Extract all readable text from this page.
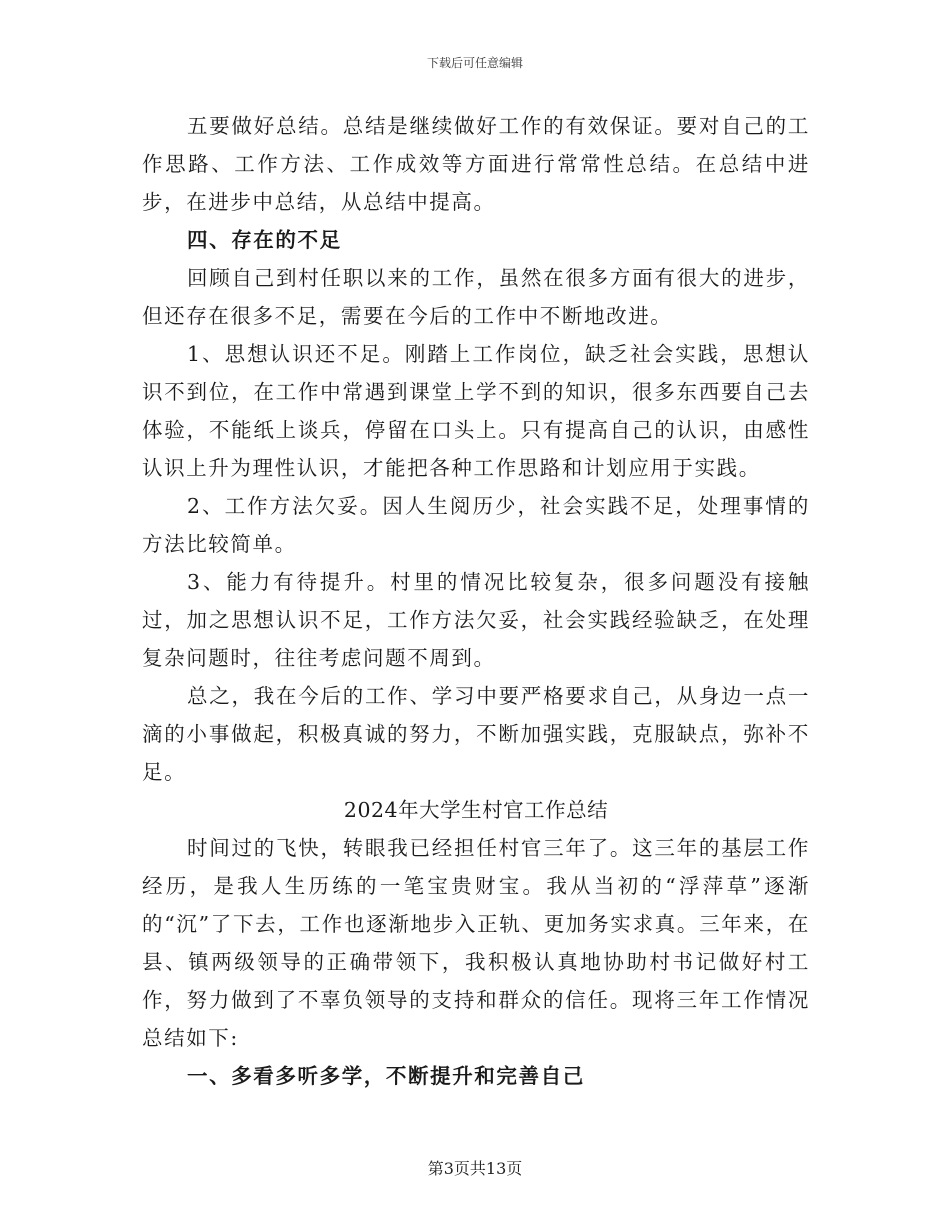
下载后可任意编辑

五要做好总结。总结是继续做好工作的有效保证。要对自己的工作思路、工作方法、工作成效等方面进行常常性总结。在总结中进步，在进步中总结，从总结中提高。

四、存在的不足

回顾自己到村任职以来的工作，虽然在很多方面有很大的进步，但还存在很多不足，需要在今后的工作中不断地改进。

1、思想认识还不足。刚踏上工作岗位，缺乏社会实践，思想认识不到位，在工作中常遇到课堂上学不到的知识，很多东西要自己去体验，不能纸上谈兵，停留在口头上。只有提高自己的认识，由感性认识上升为理性认识，才能把各种工作思路和计划应用于实践。

2、工作方法欠妥。因人生阅历少，社会实践不足，处理事情的方法比较简单。

3、能力有待提升。村里的情况比较复杂，很多问题没有接触过，加之思想认识不足，工作方法欠妥，社会实践经验缺乏，在处理复杂问题时，往往考虑问题不周到。

总之，我在今后的工作、学习中要严格要求自己，从身边一点一滴的小事做起，积极真诚的努力，不断加强实践，克服缺点，弥补不足。

2024年大学生村官工作总结

时间过的飞快，转眼我已经担任村官三年了。这三年的基层工作经历，是我人生历练的一笔宝贵财宝。我从当初的“浮萍草”逐渐的“沉”了下去，工作也逐渐地步入正轨、更加务实求真。三年来，在县、镇两级领导的正确带领下，我积极认真地协助村书记做好村工作，努力做到了不辜负领导的支持和群众的信任。现将三年工作情况总结如下:

一、多看多听多学，不断提升和完善自己

第3页共13页
